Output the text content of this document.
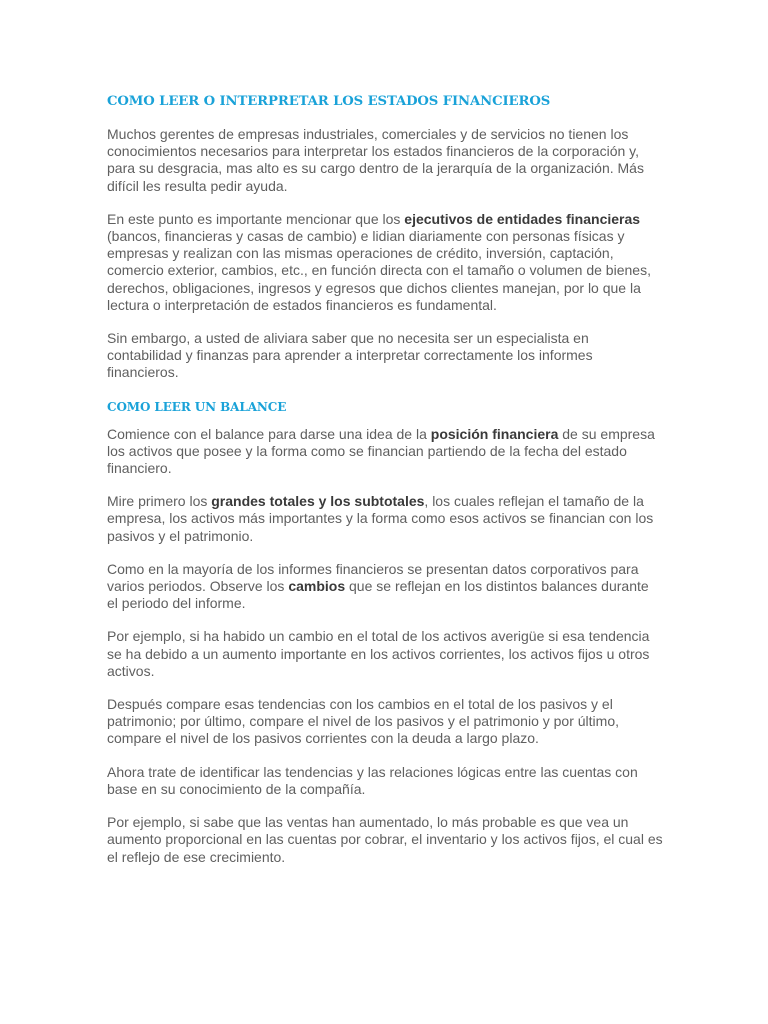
COMO LEER O INTERPRETAR LOS ESTADOS FINANCIEROS

Muchos gerentes de empresas industriales, comerciales y de servicios no tienen los conocimientos necesarios para interpretar los estados financieros de la corporación y, para su desgracia, mas alto es su cargo dentro de la jerarquía de la organización. Más difícil les resulta pedir ayuda.

En este punto es importante mencionar que los ejecutivos de entidades financieras (bancos, financieras y casas de cambio) e lidian diariamente con personas físicas y empresas y realizan con las mismas operaciones de crédito, inversión, captación, comercio exterior, cambios, etc., en función directa con el tamaño o volumen de bienes, derechos, obligaciones, ingresos y egresos que dichos clientes manejan, por lo que la lectura o interpretación de estados financieros es fundamental.

Sin embargo, a usted de aliviara saber que no necesita ser un especialista en contabilidad y finanzas para aprender a interpretar correctamente los informes financieros.

COMO LEER UN BALANCE

Comience con el balance para darse una idea de la posición financiera de su empresa los activos que posee y la forma como se financian partiendo de la fecha del estado financiero.

Mire primero los grandes totales y los subtotales, los cuales reflejan el tamaño de la empresa, los activos más importantes y la forma como esos activos se financian con los pasivos y el patrimonio.

Como en la mayoría de los informes financieros se presentan datos corporativos para varios periodos. Observe los cambios que se reflejan en los distintos balances durante el periodo del informe.

Por ejemplo, si ha habido un cambio en el total de los activos averigüe si esa tendencia se ha debido a un aumento importante en los activos corrientes, los activos fijos u otros activos.

Después compare esas tendencias con los cambios en el total de los pasivos y el patrimonio; por último, compare el nivel de los pasivos y el patrimonio y por último, compare el nivel de los pasivos corrientes con la deuda a largo plazo.

Ahora trate de identificar las tendencias y las relaciones lógicas entre las cuentas con base en su conocimiento de la compañía.

Por ejemplo, si sabe que las ventas han aumentado, lo más probable es que vea un aumento proporcional en las cuentas por cobrar, el inventario y los activos fijos, el cual es el reflejo de ese crecimiento.
